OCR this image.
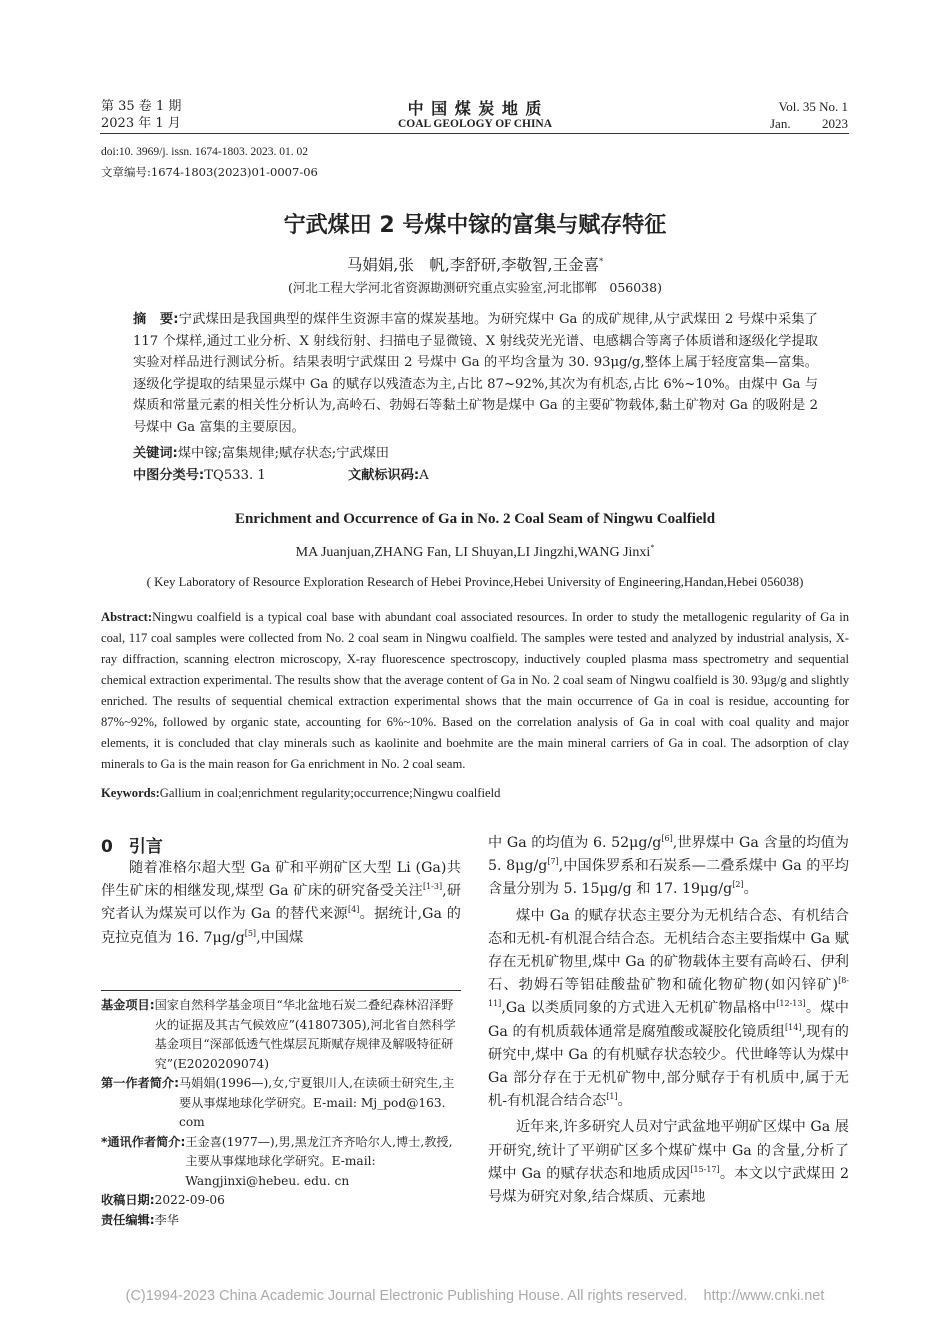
第 35 卷 1 期
2023 年 1 月
中 国 煤 炭 地 质
COAL GEOLOGY OF CHINA
Vol. 35 No. 1
Jan. 2023
doi:10. 3969/j. issn. 1674-1803. 2023. 01. 02
文章编号:1674-1803(2023)01-0007-06
宁武煤田 2 号煤中镓的富集与赋存特征
马娟娟,张　帆,李舒研,李敬智,王金喜*
(河北工程大学河北省资源勘测研究重点实验室,河北邯郸　056038)
摘　要:宁武煤田是我国典型的煤伴生资源丰富的煤炭基地。为研究煤中 Ga 的成矿规律,从宁武煤田 2 号煤中采集了 117 个煤样,通过工业分析、X 射线衍射、扫描电子显微镜、X 射线荧光光谱、电感耦合等离子体质谱和逐级化学提取实验对样品进行测试分析。结果表明宁武煤田 2 号煤中 Ga 的平均含量为 30. 93μg/g,整体上属于轻度富集—富集。逐级化学提取的结果显示煤中 Ga 的赋存以残渣态为主,占比 87~92%,其次为有机态,占比 6%~10%。由煤中 Ga 与煤质和常量元素的相关性分析认为,高岭石、勃姆石等黏土矿物是煤中 Ga 的主要矿物载体,黏土矿物对 Ga 的吸附是 2 号煤中 Ga 富集的主要原因。
关键词:煤中镓;富集规律;赋存状态;宁武煤田
中图分类号:TQ533. 1	文献标识码:A
Enrichment and Occurrence of Ga in No. 2 Coal Seam of Ningwu Coalfield
MA Juanjuan,ZHANG Fan, LI Shuyan,LI Jingzhi,WANG Jinxi*
( Key Laboratory of Resource Exploration Research of Hebei Province,Hebei University of Engineering,Handan,Hebei 056038)
Abstract:Ningwu coalfield is a typical coal base with abundant coal associated resources. In order to study the metallogenic regularity of Ga in coal, 117 coal samples were collected from No. 2 coal seam in Ningwu coalfield. The samples were tested and analyzed by industrial analysis, X-ray diffraction, scanning electron microscopy, X-ray fluorescence spectroscopy, inductively coupled plasma mass spectrometry and sequential chemical extraction experimental. The results show that the average content of Ga in No. 2 coal seam of Ningwu coalfield is 30. 93μg/g and slightly enriched. The results of sequential chemical extraction experimental shows that the main occurrence of Ga in coal is residue, accounting for 87%~92%, followed by organic state, accounting for 6%~10%. Based on the correlation analysis of Ga in coal with coal quality and major elements, it is concluded that clay minerals such as kaolinite and boehmite are the main mineral carriers of Ga in coal. The adsorption of clay minerals to Ga is the main reason for Ga enrichment in No. 2 coal seam.
Keywords:Gallium in coal;enrichment regularity;occurrence;Ningwu coalfield
0 引言
随着准格尔超大型 Ga 矿和平朔矿区大型 Li (Ga)共伴生矿床的相继发现,煤型 Ga 矿床的研究备受关注[1-3],研究者认为煤炭可以作为 Ga 的替代来源[4]。据统计,Ga 的克拉克值为 16. 7μg/g[5],中国煤
基金项目: 国家自然科学基金项目“华北盆地石炭二叠纪森林沼泽野火的证据及其古气候效应”(41807305),河北省自然科学基金项目“深部低透气性煤层瓦斯赋存规律及解吸特征研究”(E2020209074)
第一作者简介: 马娟娟(1996—),女,宁夏银川人,在读硕士研究生,主要从事煤地球化学研究。E-mail: Mj_pod@163. com
*通讯作者简介: 王金喜(1977—),男,黑龙江齐齐哈尔人,博士,教授,主要从事煤地球化学研究。E-mail: Wangjinxi@hebeu. edu. cn
收稿日期:2022-09-06
责任编辑:李华
中 Ga 的均值为 6. 52μg/g[6],世界煤中 Ga 含量的均值为 5. 8μg/g[7],中国侏罗系和石炭系—二叠系煤中 Ga 的平均含量分别为 5. 15μg/g 和 17. 19μg/g[2]。
煤中 Ga 的赋存状态主要分为无机结合态、有机结合态和无机-有机混合结合态。无机结合态主要指煤中 Ga 赋存在无机矿物里,煤中 Ga 的矿物载体主要有高岭石、伊利石、勃姆石等铝硅酸盐矿物和硫化物矿物(如闪锌矿)[8-11],Ga 以类质同象的方式进入无机矿物晶格中[12-13]。煤中 Ga 的有机质载体通常是腐殖酸或凝胶化镜质组[14],现有的研究中,煤中 Ga 的有机赋存状态较少。代世峰等认为煤中 Ga 部分存在于无机矿物中,部分赋存于有机质中,属于无机-有机混合结合态[1]。
近年来,许多研究人员对宁武盆地平朔矿区煤中 Ga 展开研究,统计了平朔矿区多个煤矿煤中 Ga 的含量,分析了煤中 Ga 的赋存状态和地质成因[15-17]。本文以宁武煤田 2 号煤为研究对象,结合煤质、元素地
(C)1994-2023 China Academic Journal Electronic Publishing House. All rights reserved.    http://www.cnki.net
